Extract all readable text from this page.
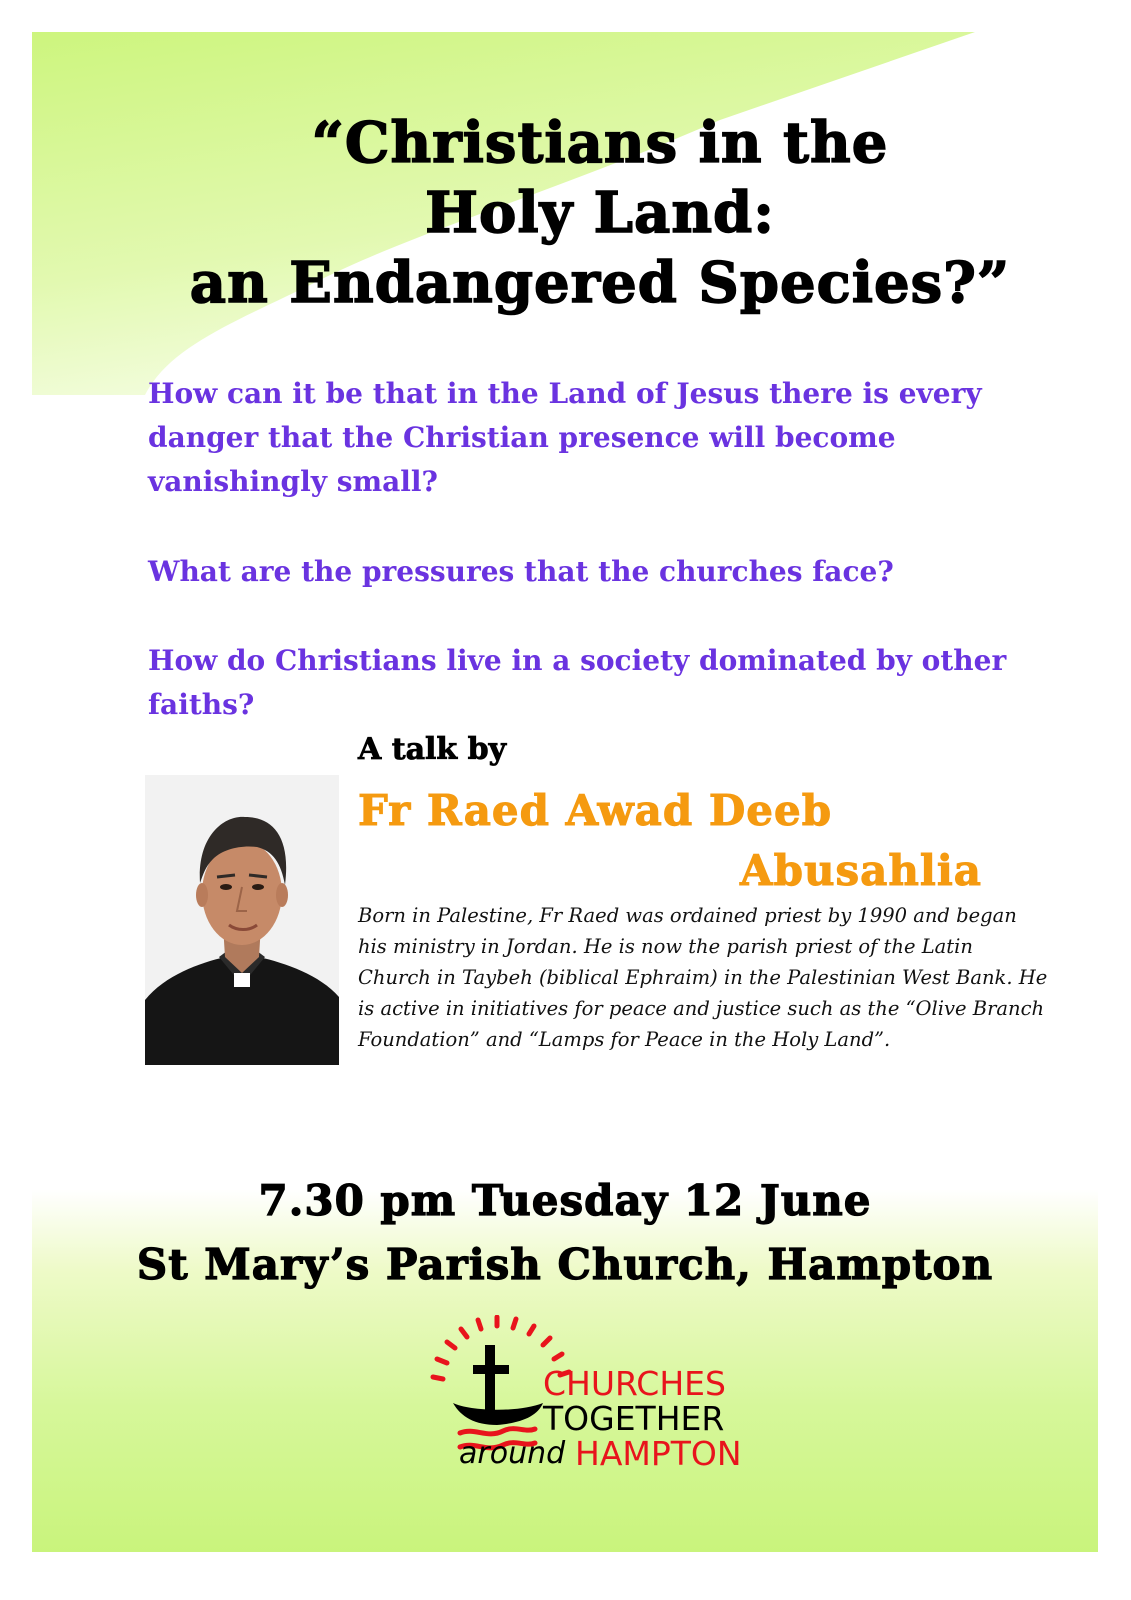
“Christians in the
Holy Land:
an Endangered Species?”

How can it be that in the Land of Jesus there is every danger that the Christian presence will become vanishingly small?

What are the pressures that the churches face?

How do Christians live in a society dominated by other faiths?

A talk by

Fr Raed Awad Deeb

Abusahlia

Born in Palestine, Fr Raed was ordained priest by 1990 and began his ministry in Jordan. He is now the parish priest of the Latin Church in Taybeh (biblical Ephraim) in the Palestinian West Bank. He is active in initiatives for peace and justice such as the “Olive Branch Foundation” and “Lamps for Peace in the Holy Land”.

7.30 pm Tuesday 12 June

St Mary’s Parish Church, Hampton

CHURCHES

TOGETHER

around HAMPTON
